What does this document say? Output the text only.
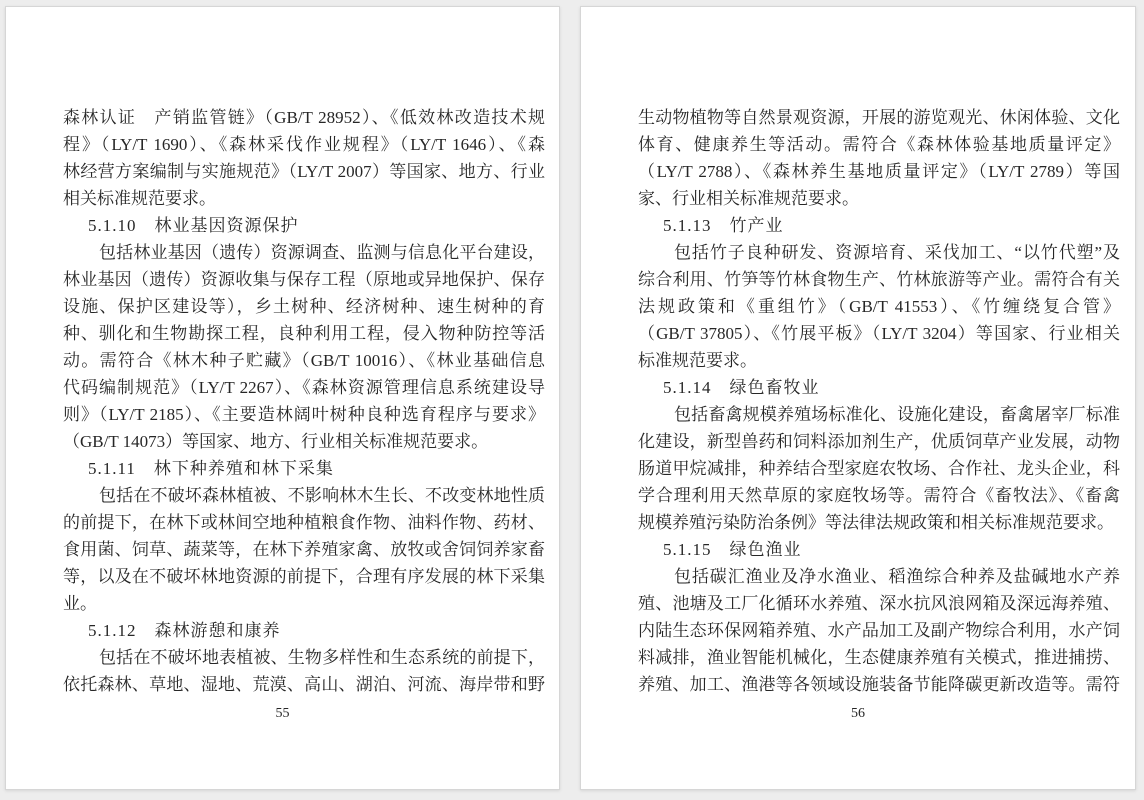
森林认证　产销监管链》（GB/T 28952）、《低效林改造技术规
程》（LY/T 1690）、《森林采伐作业规程》（LY/T 1646）、《森
林经营方案编制与实施规范》（LY/T 2007）等国家、地方、行业
相关标准规范要求。
5.1.10　林业基因资源保护
包括林业基因（遗传）资源调查、监测与信息化平台建设，
林业基因（遗传）资源收集与保存工程（原地或异地保护、保存
设施、保护区建设等），乡土树种、经济树种、速生树种的育
种、驯化和生物勘探工程，良种利用工程，侵入物种防控等活
动。需符合《林木种子贮藏》（GB/T 10016）、《林业基础信息
代码编制规范》（LY/T 2267）、《森林资源管理信息系统建设导
则》（LY/T 2185）、《主要造林阔叶树种良种选育程序与要求》
（GB/T 14073）等国家、地方、行业相关标准规范要求。
5.1.11　林下种养殖和林下采集
包括在不破坏森林植被、不影响林木生长、不改变林地性质
的前提下，在林下或林间空地种植粮食作物、油料作物、药材、
食用菌、饲草、蔬菜等，在林下养殖家禽、放牧或舍饲饲养家畜
等，以及在不破坏林地资源的前提下，合理有序发展的林下采集
业。
5.1.12　森林游憩和康养
包括在不破坏地表植被、生物多样性和生态系统的前提下，
依托森林、草地、湿地、荒漠、高山、湖泊、河流、海岸带和野
55
生动物植物等自然景观资源，开展的游览观光、休闲体验、文化
体育、健康养生等活动。需符合《森林体验基地质量评定》
（LY/T 2788）、《森林养生基地质量评定》（LY/T 2789）等国
家、行业相关标准规范要求。
5.1.13　竹产业
包括竹子良种研发、资源培育、采伐加工、“以竹代塑”及
综合利用、竹笋等竹林食物生产、竹林旅游等产业。需符合有关
法规政策和《重组竹》（GB/T 41553）、《竹缠绕复合管》
（GB/T 37805）、《竹展平板》（LY/T 3204）等国家、行业相关
标准规范要求。
5.1.14　绿色畜牧业
包括畜禽规模养殖场标准化、设施化建设，畜禽屠宰厂标准
化建设，新型兽药和饲料添加剂生产，优质饲草产业发展，动物
肠道甲烷减排，种养结合型家庭农牧场、合作社、龙头企业，科
学合理利用天然草原的家庭牧场等。需符合《畜牧法》、《畜禽
规模养殖污染防治条例》等法律法规政策和相关标准规范要求。
5.1.15　绿色渔业
包括碳汇渔业及净水渔业、稻渔综合种养及盐碱地水产养
殖、池塘及工厂化循环水养殖、深水抗风浪网箱及深远海养殖、
内陆生态环保网箱养殖、水产品加工及副产物综合利用，水产饲
料减排，渔业智能机械化，生态健康养殖有关模式，推进捕捞、
养殖、加工、渔港等各领域设施装备节能降碳更新改造等。需符
56
